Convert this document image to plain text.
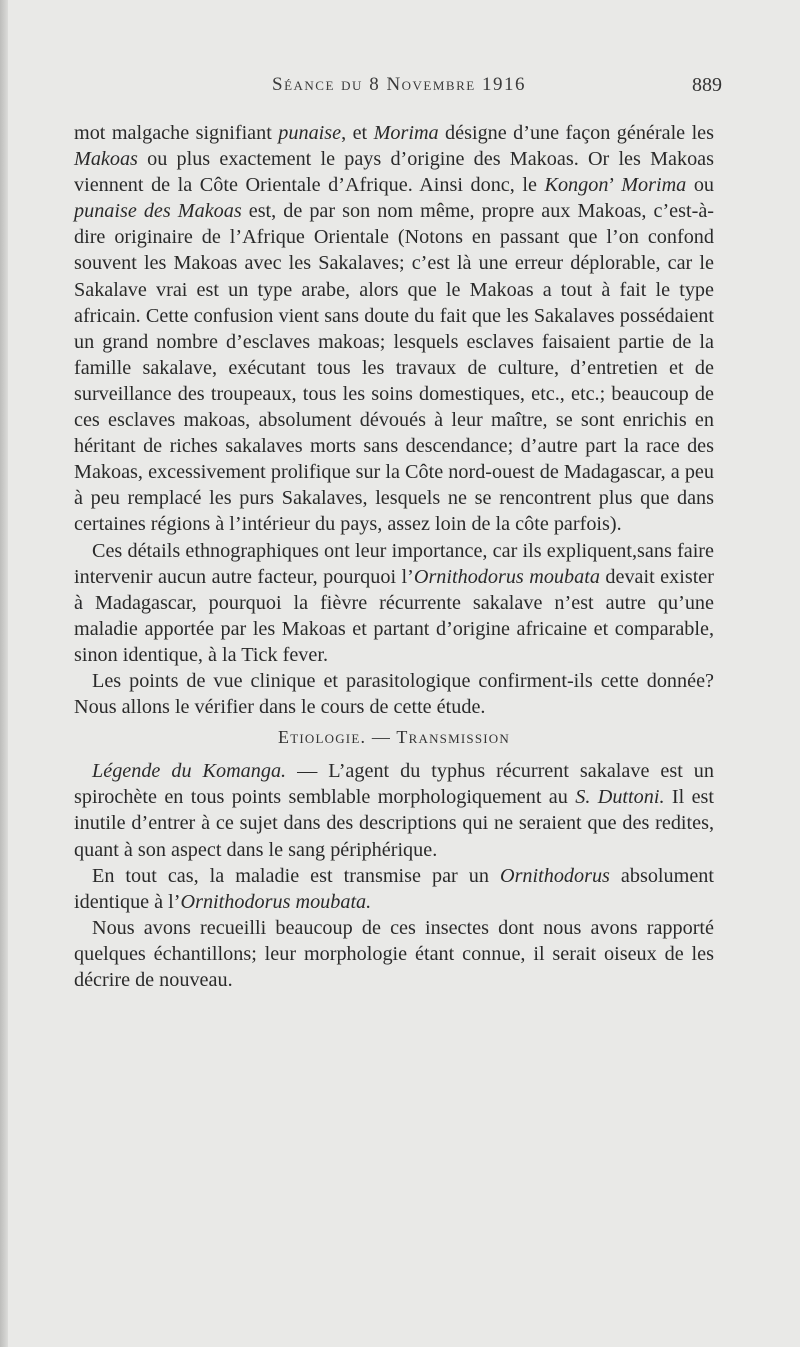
Séance du 8 Novembre 1916	889

mot malgache signifiant punaise, et Morima désigne d’une façon générale les Makoas ou plus exactement le pays d’origine des Makoas. Or les Makoas viennent de la Côte Orientale d’Afrique. Ainsi donc, le Kongon’ Morima ou punaise des Makoas est, de par son nom même, propre aux Makoas, c’est-à-dire originaire de l’Afrique Orientale (Notons en passant que l’on confond souvent les Makoas avec les Sakalaves; c’est là une erreur déplorable, car le Sakalave vrai est un type arabe, alors que le Makoas a tout à fait le type africain. Cette confusion vient sans doute du fait que les Sakalaves possédaient un grand nombre d’esclaves makoas; lesquels esclaves faisaient partie de la famille sakalave, exécutant tous les travaux de culture, d’entretien et de surveillance des troupeaux, tous les soins domestiques, etc., etc.; beaucoup de ces esclaves makoas, absolument dévoués à leur maître, se sont enrichis en héritant de riches sakalaves morts sans descendance; d’autre part la race des Makoas, excessivement prolifique sur la Côte nord-ouest de Madagascar, a peu à peu remplacé les purs Sakalaves, lesquels ne se rencontrent plus que dans certaines régions à l’intérieur du pays, assez loin de la côte parfois).

Ces détails ethnographiques ont leur importance, car ils expliquent,sans faire intervenir aucun autre facteur, pourquoi l’Ornithodorus moubata devait exister à Madagascar, pourquoi la fièvre récurrente sakalave n’est autre qu’une maladie apportée par les Makoas et partant d’origine africaine et comparable, sinon identique, à la Tick fever.

Les points de vue clinique et parasitologique confirment-ils cette donnée? Nous allons le vérifier dans le cours de cette étude.

Etiologie. — Transmission

Légende du Komanga. — L’agent du typhus récurrent sakalave est un spirochète en tous points semblable morphologiquement au S. Duttoni. Il est inutile d’entrer à ce sujet dans des descriptions qui ne seraient que des redites, quant à son aspect dans le sang périphérique.

En tout cas, la maladie est transmise par un Ornithodorus absolument identique à l’Ornithodorus moubata.

Nous avons recueilli beaucoup de ces insectes dont nous avons rapporté quelques échantillons; leur morphologie étant connue, il serait oiseux de les décrire de nouveau.
